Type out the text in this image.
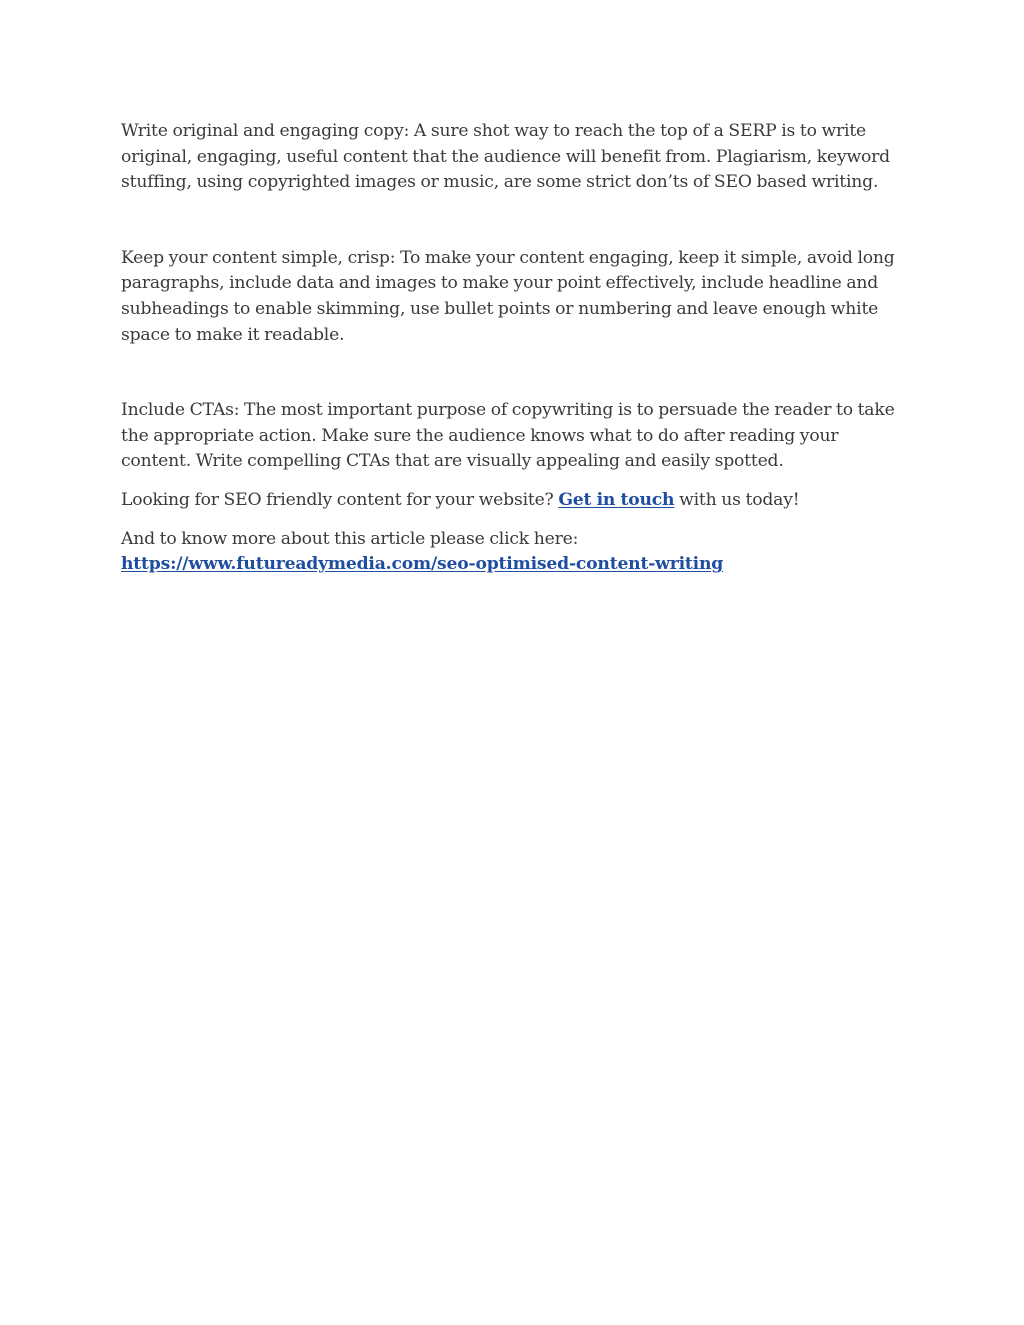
Write original and engaging copy: A sure shot way to reach the top of a SERP is to write original, engaging, useful content that the audience will benefit from. Plagiarism, keyword stuffing, using copyrighted images or music, are some strict don’ts of SEO based writing.

Keep your content simple, crisp: To make your content engaging, keep it simple, avoid long paragraphs, include data and images to make your point effectively, include headline and subheadings to enable skimming, use bullet points or numbering and leave enough white space to make it readable.

Include CTAs: The most important purpose of copywriting is to persuade the reader to take the appropriate action. Make sure the audience knows what to do after reading your content. Write compelling CTAs that are visually appealing and easily spotted.

Looking for SEO friendly content for your website? Get in touch with us today!

And to know more about this article please click here:
https://www.futureadymedia.com/seo-optimised-content-writing
